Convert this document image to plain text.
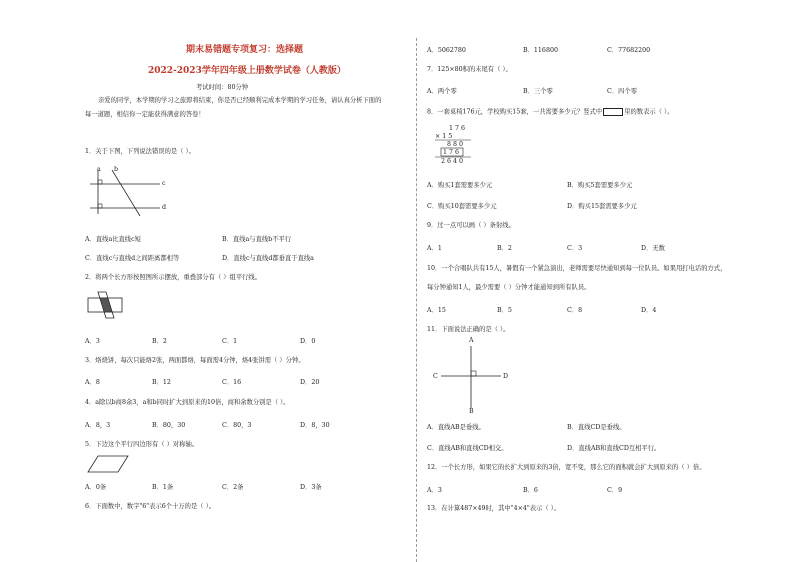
期末易错题专项复习：选择题
2022-2023学年四年级上册数学试卷（人教版）
考试时间：80分钟
亲爱的同学，本学期的学习之旅即将结束，你是否已经顺利完成本学期的学习任务，请认真分析下面的
每一道题，相信你一定能获得满意的答卷！
1．关于下图，下列说法错误的是（ ）。
a b
c
d
A．直线a比直线c短	B．直线a与直线b不平行
C．直线c与直线d之间距离都相等	D．直线c与直线d都垂直于直线a
2．将两个长方形按照图所示摆放，重叠部分有（ ）组平行线。
A．3	B．2	C．1	D．0
3．烙烧饼，每次只能烙2张，两面都烙，每面需4分钟，烙4张饼需（ ）分钟。
A．8	B．12	C．16	D．20
4．a除以b商8余3，a和b同时扩大到原来的10倍，商和余数分别是（ ）。
A．8，3	B．80，30	C．80，3	D．8，30
5．下边这个平行四边形有（ ）对称轴。
A．0条	B．1条	C．2条	D．3条
6．下面数中，数字"6"表示6个十万的是（ ）。
A．5062780	B．116800	C．77682200
7．125×80积的末尾有（ ）。
A．两个零	B．三个零	C．四个零
8．一套桌椅176元，学校购买15套，一共需要多少元？竖式中	里的数表示（ ）。
1 7 6
× 1 5
8 8 0
1 7 6
2 6 4 0
A．购买1套需要多少元	B．购买5套需要多少元
C．购买10套需要多少元	D．购买15套需要多少元
9．过一点可以画（ ）条射线。
A．1	B．2	C．3	D．无数
10．一个合唱队共有15人，暑假有一个紧急演出，老师需要尽快通知到每一位队员。如果用打电话的方式，
每分钟通知1人，最少需要（ ）分钟才能通知到所有队员。
A．15	B．5	C．8	D．4
11．下面说法正确的是（ ）。
A
B
C	D
A．直线AB是垂线。	B．直线CD是垂线。
C．直线AB和直线CD相交。	D．直线AB和直线CD互相平行。
12．一个长方形，如果它的长扩大到原来的3倍，宽不变，那么它的面积就会扩大到原来的（ ）倍。
A．3	B．6	C．9
13．在计算487×49时，其中"4×4"表示（ ）。
